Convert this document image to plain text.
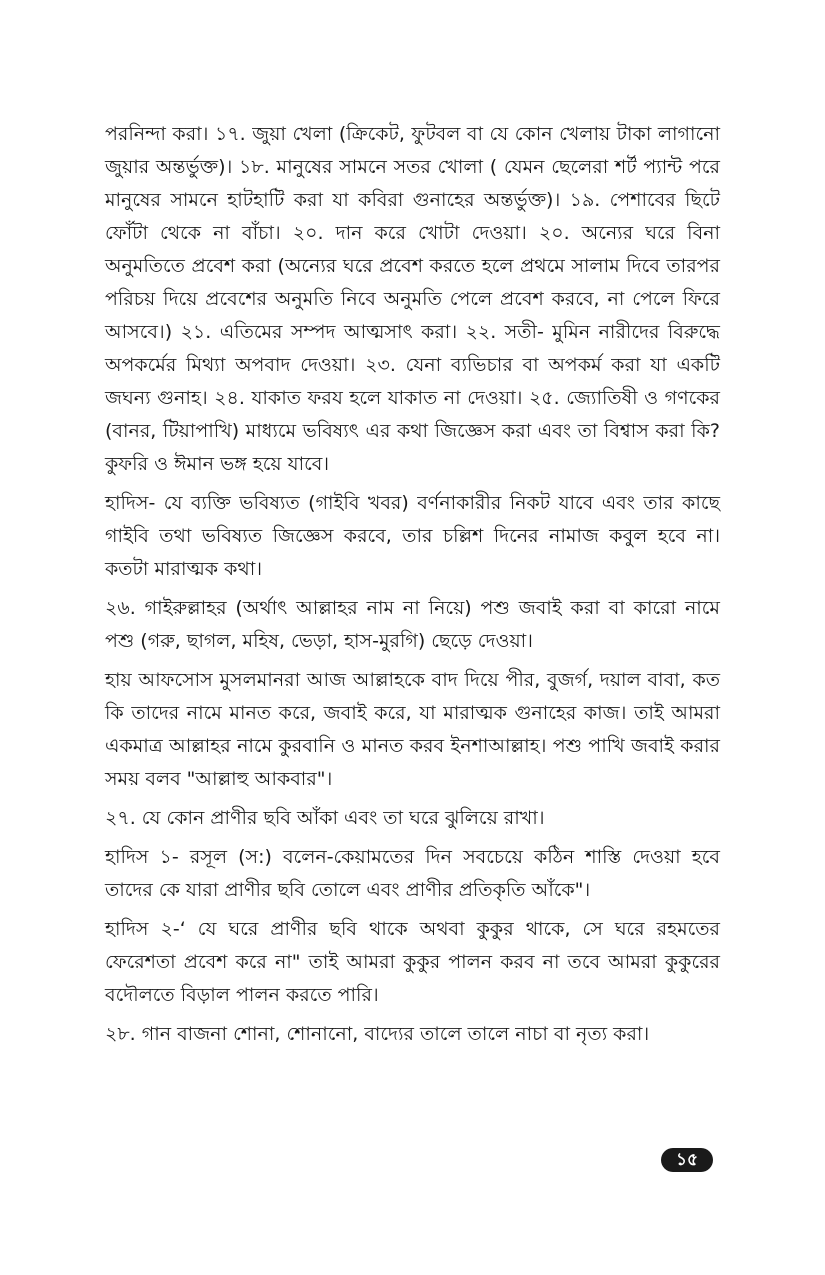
পরনিন্দা করা। ১৭. জুয়া খেলা (ক্রিকেট, ফুটবল বা যে কোন খেলায় টাকা লাগানো জুয়ার অন্তর্ভুক্ত)। ১৮. মানুষের সামনে সতর খোলা ( যেমন ছেলেরা শর্ট প্যান্ট পরে মানুষের সামনে হাটহাটি করা যা কবিরা গুনাহের অন্তর্ভুক্ত)। ১৯. পেশাবের ছিটে ফোঁটা থেকে না বাঁচা। ২০. দান করে খোটা দেওয়া। ২০. অন্যের ঘরে বিনা অনুমতিতে প্রবেশ করা (অন্যের ঘরে প্রবেশ করতে হলে প্রথমে সালাম দিবে তারপর পরিচয় দিয়ে প্রবেশের অনুমতি নিবে অনুমতি পেলে প্রবেশ করবে, না পেলে ফিরে আসবে।) ২১. এতিমের সম্পদ আত্মসাৎ করা। ২২. সতী- মুমিন নারীদের বিরুদ্ধে অপকর্মের মিথ্যা অপবাদ দেওয়া। ২৩. যেনা ব্যভিচার বা অপকর্ম করা যা একটি জঘন্য গুনাহ। ২৪. যাকাত ফরয হলে যাকাত না দেওয়া। ২৫. জ্যোতিষী ও গণকের (বানর, টিয়াপাখি) মাধ্যমে ভবিষ্যৎ এর কথা জিজ্ঞেস করা এবং তা বিশ্বাস করা কি? কুফরি ও ঈমান ভঙ্গ হয়ে যাবে।

হাদিস- যে ব্যক্তি ভবিষ্যত (গাইবি খবর) বর্ণনাকারীর নিকট যাবে এবং তার কাছে গাইবি তথা ভবিষ্যত জিজ্ঞেস করবে, তার চল্লিশ দিনের নামাজ কবুল হবে না। কতটা মারাত্মক কথা।

২৬. গাইরুল্লাহর (অর্থাৎ আল্লাহর নাম না নিয়ে) পশু জবাই করা বা কারো নামে পশু (গরু, ছাগল, মহিষ, ভেড়া, হাস-মুরগি) ছেড়ে দেওয়া।

হায় আফসোস মুসলমানরা আজ আল্লাহকে বাদ দিয়ে পীর, বুজর্গ, দয়াল বাবা, কত কি তাদের নামে মানত করে, জবাই করে, যা মারাত্মক গুনাহের কাজ। তাই আমরা একমাত্র আল্লাহর নামে কুরবানি ও মানত করব ইনশাআল্লাহ। পশু পাখি জবাই করার সময় বলব "আল্লাহু আকবার"।

২৭. যে কোন প্রাণীর ছবি আঁকা এবং তা ঘরে ঝুলিয়ে রাখা।

হাদিস ১- রসূল (স:) বলেন-কেয়ামতের দিন সবচেয়ে কঠিন শাস্তি দেওয়া হবে তাদের কে যারা প্রাণীর ছবি তোলে এবং প্রাণীর প্রতিকৃতি আঁকে"।

হাদিস ২-‘ যে ঘরে প্রাণীর ছবি থাকে অথবা কুকুর থাকে, সে ঘরে রহমতের ফেরেশতা প্রবেশ করে না" তাই আমরা কুকুর পালন করব না তবে আমরা কুকুরের বদৌলতে বিড়াল পালন করতে পারি।

২৮. গান বাজনা শোনা, শোনানো, বাদ্যের তালে তালে নাচা বা নৃত্য করা।

১৫
